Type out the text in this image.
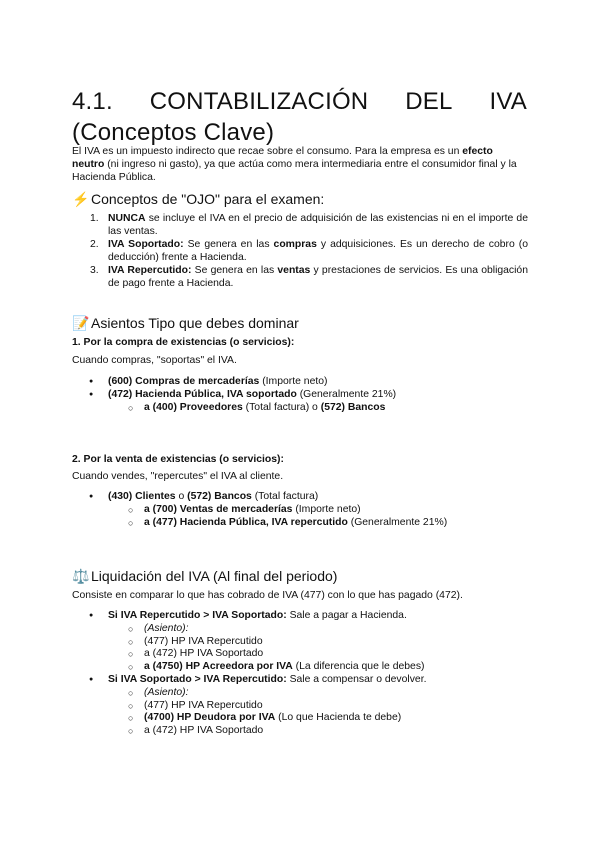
4.1. CONTABILIZACIÓN DEL IVA
(Conceptos Clave)
El IVA es un impuesto indirecto que recae sobre el consumo. Para la empresa es un efecto neutro (ni ingreso ni gasto), ya que actúa como mera intermediaria entre el consumidor final y la Hacienda Pública.
⚡ Conceptos de "OJO" para el examen:
1. NUNCA se incluye el IVA en el precio de adquisición de las existencias ni en el importe de las ventas.
2. IVA Soportado: Se genera en las compras y adquisiciones. Es un derecho de cobro (o deducción) frente a Hacienda.
3. IVA Repercutido: Se genera en las ventas y prestaciones de servicios. Es una obligación de pago frente a Hacienda.
📝 Asientos Tipo que debes dominar
1. Por la compra de existencias (o servicios):
Cuando compras, "soportas" el IVA.
● (600) Compras de mercaderías (Importe neto)
● (472) Hacienda Pública, IVA soportado (Generalmente 21%)
○ a (400) Proveedores (Total factura) o (572) Bancos
2. Por la venta de existencias (o servicios):
Cuando vendes, "repercutes" el IVA al cliente.
● (430) Clientes o (572) Bancos (Total factura)
○ a (700) Ventas de mercaderías (Importe neto)
○ a (477) Hacienda Pública, IVA repercutido (Generalmente 21%)
⚖️ Liquidación del IVA (Al final del periodo)
Consiste en comparar lo que has cobrado de IVA (477) con lo que has pagado (472).
● Si IVA Repercutido > IVA Soportado: Sale a pagar a Hacienda.
○ (Asiento):
○ (477) HP IVA Repercutido
○ a (472) HP IVA Soportado
○ a (4750) HP Acreedora por IVA (La diferencia que le debes)
● Si IVA Soportado > IVA Repercutido: Sale a compensar o devolver.
○ (Asiento):
○ (477) HP IVA Repercutido
○ (4700) HP Deudora por IVA (Lo que Hacienda te debe)
○ a (472) HP IVA Soportado
